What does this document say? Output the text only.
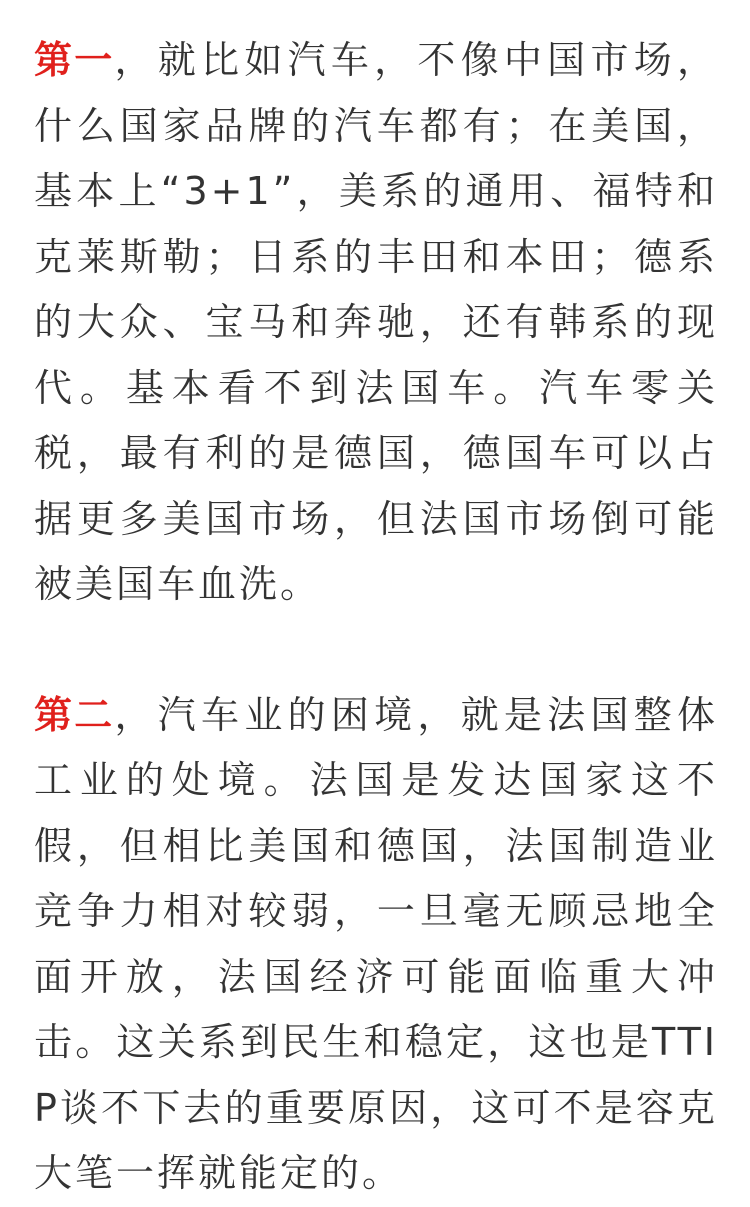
第一，就比如汽车，不像中国市场，什么国家品牌的汽车都有；在美国，基本上“3+1”，美系的通用、福特和克莱斯勒；日系的丰田和本田；德系的大众、宝马和奔驰，还有韩系的现代。基本看不到法国车。汽车零关税，最有利的是德国，德国车可以占据更多美国市场，但法国市场倒可能被美国车血洗。

第二，汽车业的困境，就是法国整体工业的处境。法国是发达国家这不假，但相比美国和德国，法国制造业竞争力相对较弱，一旦毫无顾忌地全面开放，法国经济可能面临重大冲击。这关系到民生和稳定，这也是TTIP谈不下去的重要原因，这可不是容克大笔一挥就能定的。
